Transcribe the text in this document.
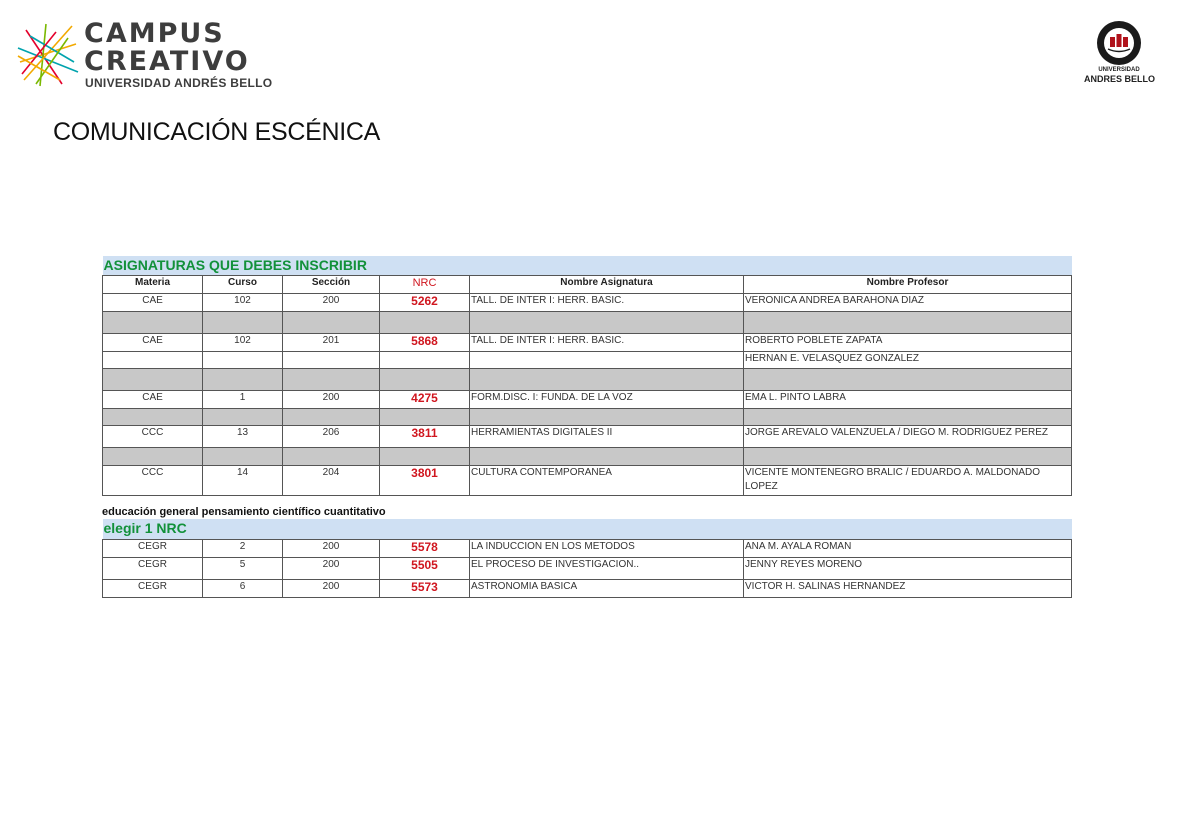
CAMPUS
CREATIVO
UNIVERSIDAD ANDRÉS BELLO
UNIVERSIDAD
ANDRES BELLO
COMUNICACIÓN ESCÉNICA
ASIGNATURAS QUE DEBES INSCRIBIR					
Materia	Curso	Sección	NRC	Nombre Asignatura	Nombre Profesor
CAE	102	200	5262	TALL. DE INTER I: HERR. BASIC.	VERONICA ANDREA BARAHONA DIAZ

CAE	102	201	5868	TALL. DE INTER I: HERR. BASIC.	ROBERTO POBLETE ZAPATA
					HERNAN E. VELASQUEZ GONZALEZ

CAE	1	200	4275	FORM.DISC. I: FUNDA. DE LA VOZ	EMA L. PINTO LABRA

CCC	13	206	3811	HERRAMIENTAS DIGITALES II	JORGE AREVALO VALENZUELA / DIEGO M. RODRIGUEZ PEREZ

CCC	14	204	3801	CULTURA CONTEMPORANEA	VICENTE MONTENEGRO BRALIC / EDUARDO A. MALDONADO LOPEZ
educación general pensamiento científico cuantitativo
elegir 1 NRC					
CEGR	2	200	5578	LA INDUCCION EN LOS METODOS	ANA M. AYALA ROMAN
CEGR	5	200	5505	EL PROCESO DE INVESTIGACION..	JENNY REYES MORENO
CEGR	6	200	5573	ASTRONOMIA BASICA	VICTOR H. SALINAS HERNANDEZ
